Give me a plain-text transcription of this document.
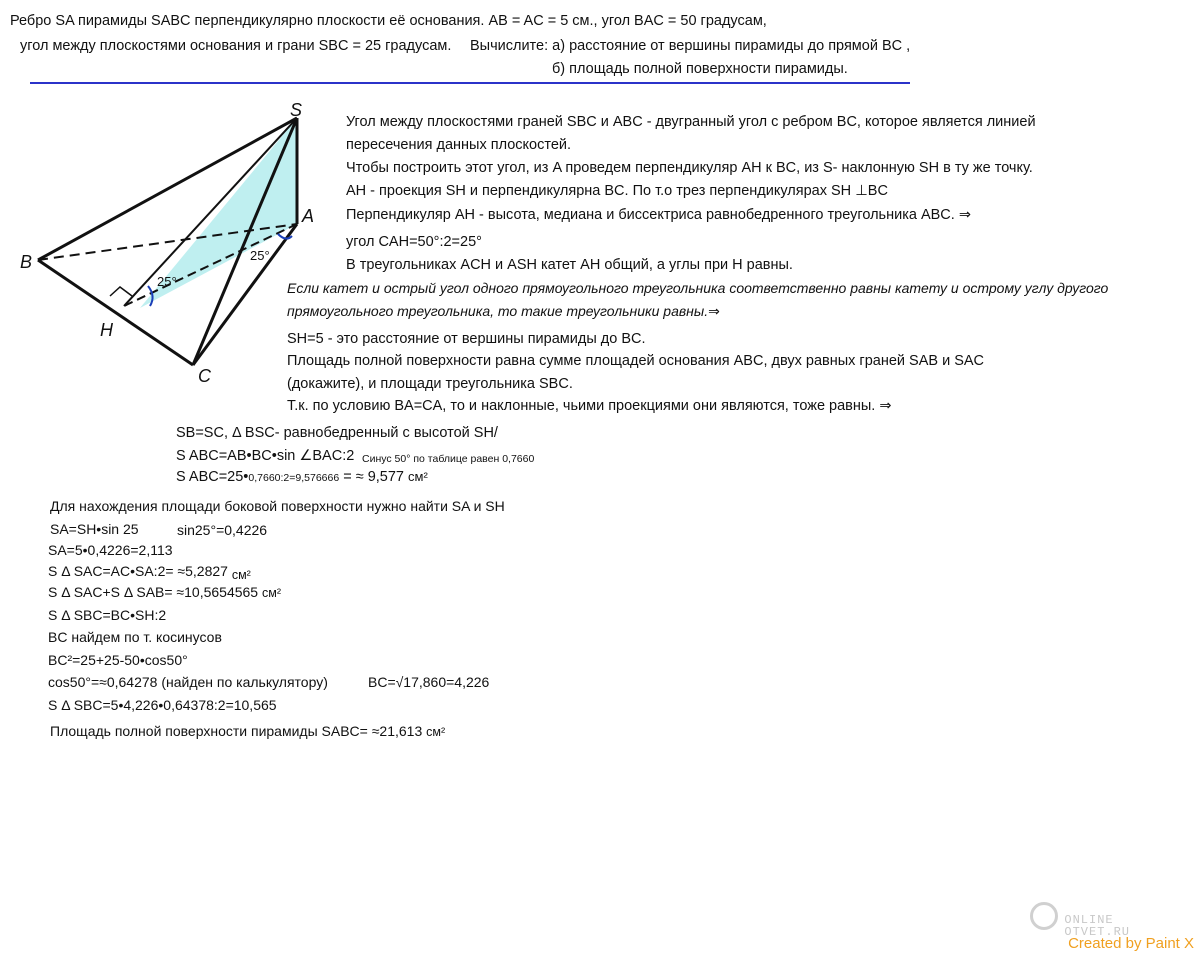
Ребро SA пирамиды SABC перпендикулярно плоскости её основания. AB = AC = 5 см., угол BAC = 50 градусам,
угол между плоскостями основания и грани SBC = 25 градусам. Вычислите: а) расстояние от вершины пирамиды до прямой BC ,
б) площадь полной поверхности пирамиды.
S
A
B
C
H
25°
25°
Угол между плоскостями граней SBC и ABC - двугранный угол с ребром BC, которое является линией
пересечения данных плоскостей.
Чтобы построить этот угол, из A проведем перпендикуляр AH к BC, из S- наклонную SH в ту же точку.
AH - проекция SH и перпендикулярна BC. По т.о трез перпендикулярах SH ⊥BC
Перпендикуляр AH - высота, медиана и биссектриса равнобедренного треугольника ABC. ⇒
угол CAH=50°:2=25°
В треугольниках ACH и ASH катет AH общий, а углы при H равны.
Если катет и острый угол одного прямоугольного треугольника соответственно равны катету и острому углу другого
прямоугольного треугольника, то такие треугольники равны.⇒
SH=5 - это расстояние от вершины пирамиды до BC.
Площадь полной поверхности равна сумме площадей основания ABC, двух равных граней SAB и SAC
(докажите), и площади треугольника SBC.
Т.к. по условию BA=CA, то и наклонные, чьими проекциями они являются, тоже равны. ⇒
SB=SC, Δ BSC- равнобедренный с высотой SH/
S ABC=AB•BC•sin ∠BAC:2 Синус 50° по таблице равен 0,7660
S ABC=25•0,7660:2=9,576666 = ≈ 9,577 см²
Для нахождения площади боковой поверхности нужно найти SA и SH
SA=SH•sin 25	sin25°=0,4226
SA=5•0,4226=2,113
S Δ SAC=AC•SA:2= ≈5,2827 см²
S Δ SAC+S Δ SAB= ≈10,5654565 см²
S Δ SBC=BC•SH:2
BC найдем по т. косинусов
BC²=25+25-50•cos50°
cos50°=≈0,64278 (найден по калькулятору)	BC=√17,860=4,226
S Δ SBC=5•4,226•0,64378:2=10,565
Площадь полной поверхности пирамиды SABC= ≈21,613 см²
ONLINE
OTVET.RU
Created by Paint X
